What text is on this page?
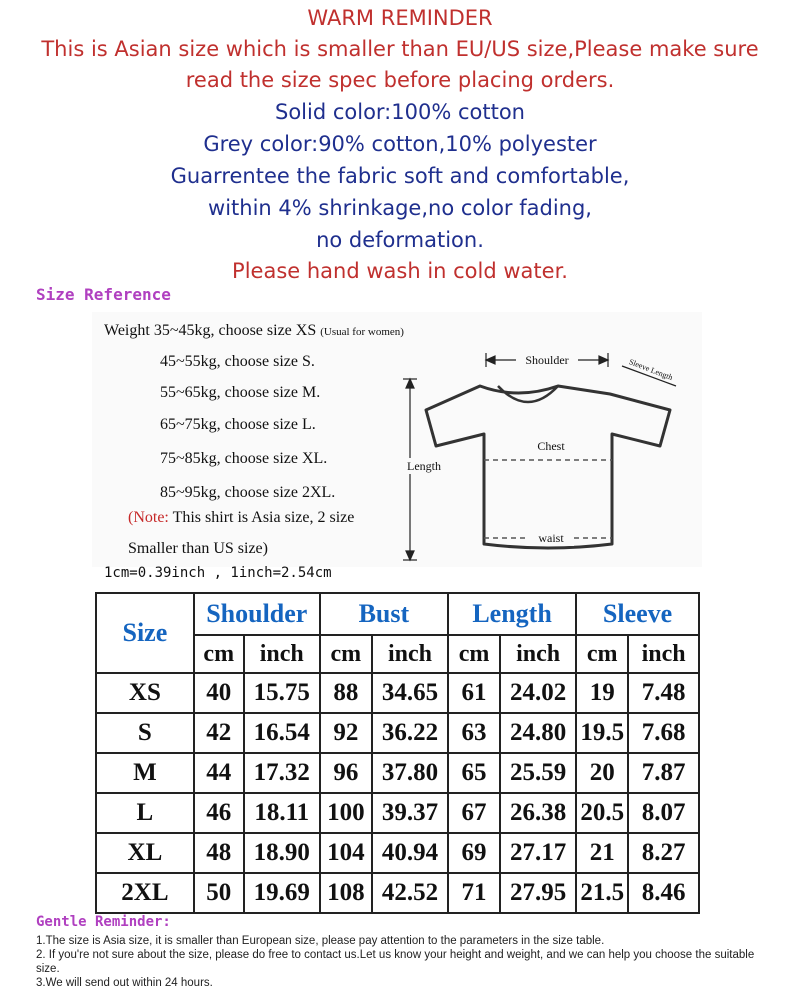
WARM REMINDER
This is Asian size which is smaller than EU/US size,Please make sure
read the size spec before placing orders.
Solid color:100% cotton
Grey color:90% cotton,10% polyester
Guarrentee the fabric soft and comfortable,
within 4% shrinkage,no color fading,
no deformation.
Please hand wash in cold water.
Size Reference
Weight 35~45kg, choose size XS (Usual for women)
45~55kg, choose size S.
55~65kg, choose size M.
65~75kg, choose size L.
75~85kg, choose size XL.
85~95kg, choose size 2XL.
(Note: This shirt is Asia size, 2 size
Smaller than US size)
1cm=0.39inch , 1inch=2.54cm
Shoulder
Length
Chest
waist
Sleeve Length
Size	Shoulder		Bust		Length		Sleeve	
	cm	inch	cm	inch	cm	inch	cm	inch
XS	40	15.75	88	34.65	61	24.02	19	7.48
S	42	16.54	92	36.22	63	24.80	19.5	7.68
M	44	17.32	96	37.80	65	25.59	20	7.87
L	46	18.11	100	39.37	67	26.38	20.5	8.07
XL	48	18.90	104	40.94	69	27.17	21	8.27
2XL	50	19.69	108	42.52	71	27.95	21.5	8.46
Gentle Reminder:
1.The size is Asia size, it is smaller than European size, please pay attention to the parameters in the size table.
2. If you're not sure about the size, please do free to contact us.Let us know your height and weight, and we can help you choose the suitable size.
3.We will send out within 24 hours.
